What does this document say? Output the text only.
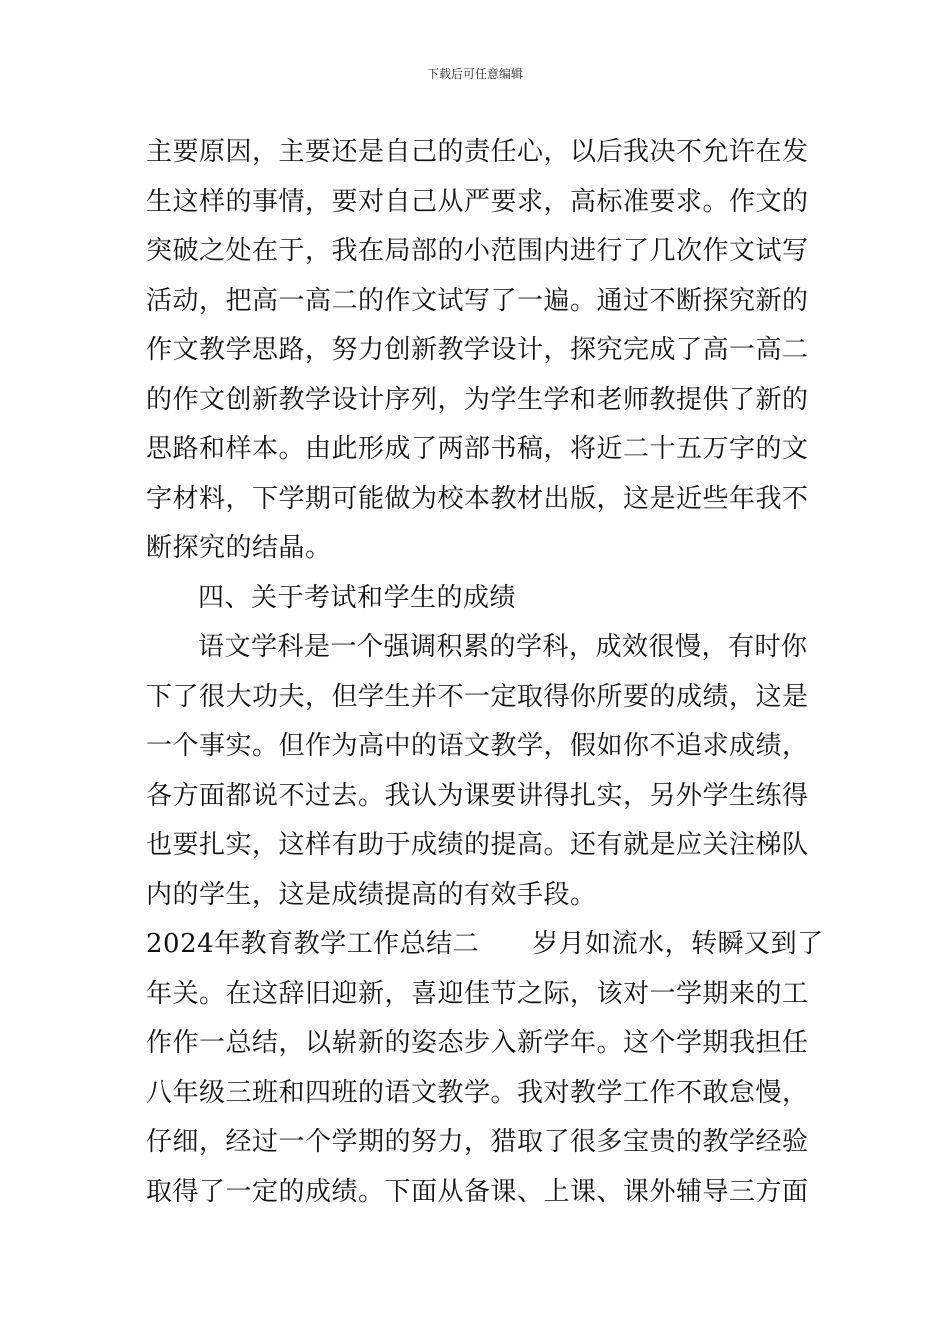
下载后可任意编辑
主要原因，主要还是自己的责任心，以后我决不允许在发
生这样的事情，要对自己从严要求，高标准要求。作文的
突破之处在于，我在局部的小范围内进行了几次作文试写
活动，把高一高二的作文试写了一遍。通过不断探究新的
作文教学思路，努力创新教学设计，探究完成了高一高二
的作文创新教学设计序列，为学生学和老师教提供了新的
思路和样本。由此形成了两部书稿，将近二十五万字的文
字材料，下学期可能做为校本教材出版，这是近些年我不
断探究的结晶。
四、关于考试和学生的成绩
语文学科是一个强调积累的学科，成效很慢，有时你
下了很大功夫，但学生并不一定取得你所要的成绩，这是
一个事实。但作为高中的语文教学，假如你不追求成绩，
各方面都说不过去。我认为课要讲得扎实，另外学生练得
也要扎实，这样有助于成绩的提高。还有就是应关注梯队
内的学生，这是成绩提高的有效手段。
2024年教育教学工作总结二　　岁月如流水，转瞬又到了
年关。在这辞旧迎新，喜迎佳节之际，该对一学期来的工
作作一总结，以崭新的姿态步入新学年。这个学期我担任
八年级三班和四班的语文教学。我对教学工作不敢怠慢，
仔细，经过一个学期的努力，猎取了很多宝贵的教学经验
取得了一定的成绩。下面从备课、上课、课外辅导三方面
